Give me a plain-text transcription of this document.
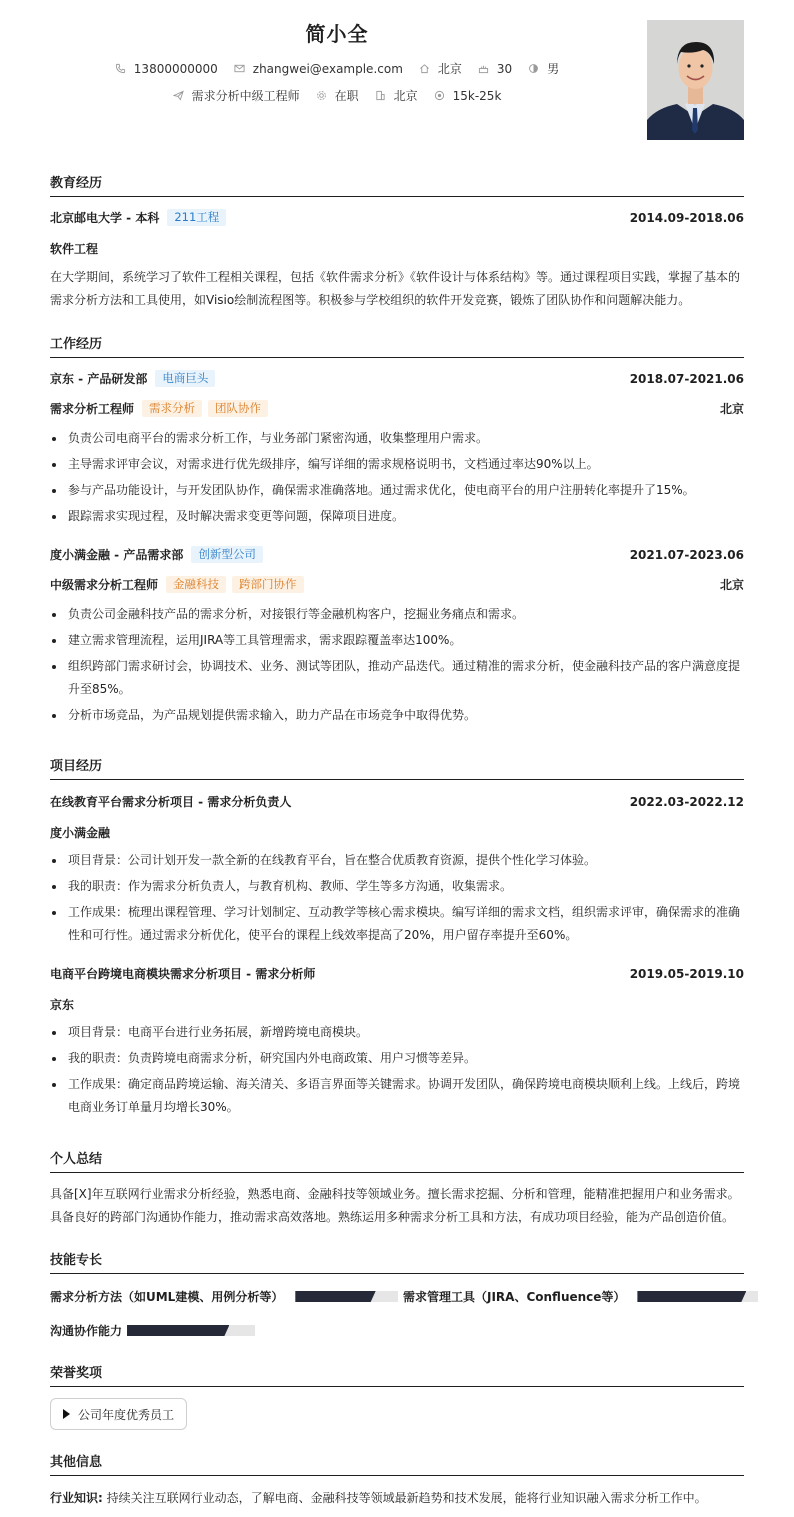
简小全
13800000000	zhangwei@example.com	北京	30	男
需求分析中级工程师	在职	北京	15k-25k
教育经历
北京邮电大学 - 本科	211工程	2014.09-2018.06
软件工程
在大学期间，系统学习了软件工程相关课程，包括《软件需求分析》《软件设计与体系结构》等。通过课程项目实践，掌握了基本的需求分析方法和工具使用，如Visio绘制流程图等。积极参与学校组织的软件开发竞赛，锻炼了团队协作和问题解决能力。
工作经历
京东 - 产品研发部	电商巨头	2018.07-2021.06
需求分析工程师	需求分析	团队协作	北京
负责公司电商平台的需求分析工作，与业务部门紧密沟通，收集整理用户需求。
主导需求评审会议，对需求进行优先级排序，编写详细的需求规格说明书，文档通过率达90%以上。
参与产品功能设计，与开发团队协作，确保需求准确落地。通过需求优化，使电商平台的用户注册转化率提升了15%。
跟踪需求实现过程，及时解决需求变更等问题，保障项目进度。
度小满金融 - 产品需求部	创新型公司	2021.07-2023.06
中级需求分析工程师	金融科技	跨部门协作	北京
负责公司金融科技产品的需求分析，对接银行等金融机构客户，挖掘业务痛点和需求。
建立需求管理流程，运用JIRA等工具管理需求，需求跟踪覆盖率达100%。
组织跨部门需求研讨会，协调技术、业务、测试等团队，推动产品迭代。通过精准的需求分析，使金融科技产品的客户满意度提升至85%。
分析市场竞品，为产品规划提供需求输入，助力产品在市场竞争中取得优势。
项目经历
在线教育平台需求分析项目 - 需求分析负责人	2022.03-2022.12
度小满金融
项目背景：公司计划开发一款全新的在线教育平台，旨在整合优质教育资源，提供个性化学习体验。
我的职责：作为需求分析负责人，与教育机构、教师、学生等多方沟通，收集需求。
工作成果：梳理出课程管理、学习计划制定、互动教学等核心需求模块。编写详细的需求文档，组织需求评审，确保需求的准确性和可行性。通过需求分析优化，使平台的课程上线效率提高了20%，用户留存率提升至60%。
电商平台跨境电商模块需求分析项目 - 需求分析师	2019.05-2019.10
京东
项目背景：电商平台进行业务拓展，新增跨境电商模块。
我的职责：负责跨境电商需求分析，研究国内外电商政策、用户习惯等差异。
工作成果：确定商品跨境运输、海关清关、多语言界面等关键需求。协调开发团队，确保跨境电商模块顺利上线。上线后，跨境电商业务订单量月均增长30%。
个人总结
具备[X]年互联网行业需求分析经验，熟悉电商、金融科技等领域业务。擅长需求挖掘、分析和管理，能精准把握用户和业务需求。具备良好的跨部门沟通协作能力，推动需求高效落地。熟练运用多种需求分析工具和方法，有成功项目经验，能为产品创造价值。
技能专长
需求分析方法（如UML建模、用例分析等）	需求管理工具（JIRA、Confluence等）
沟通协作能力
荣誉奖项
公司年度优秀员工
其他信息
行业知识: 持续关注互联网行业动态，了解电商、金融科技等领域最新趋势和技术发展，能将行业知识融入需求分析工作中。
